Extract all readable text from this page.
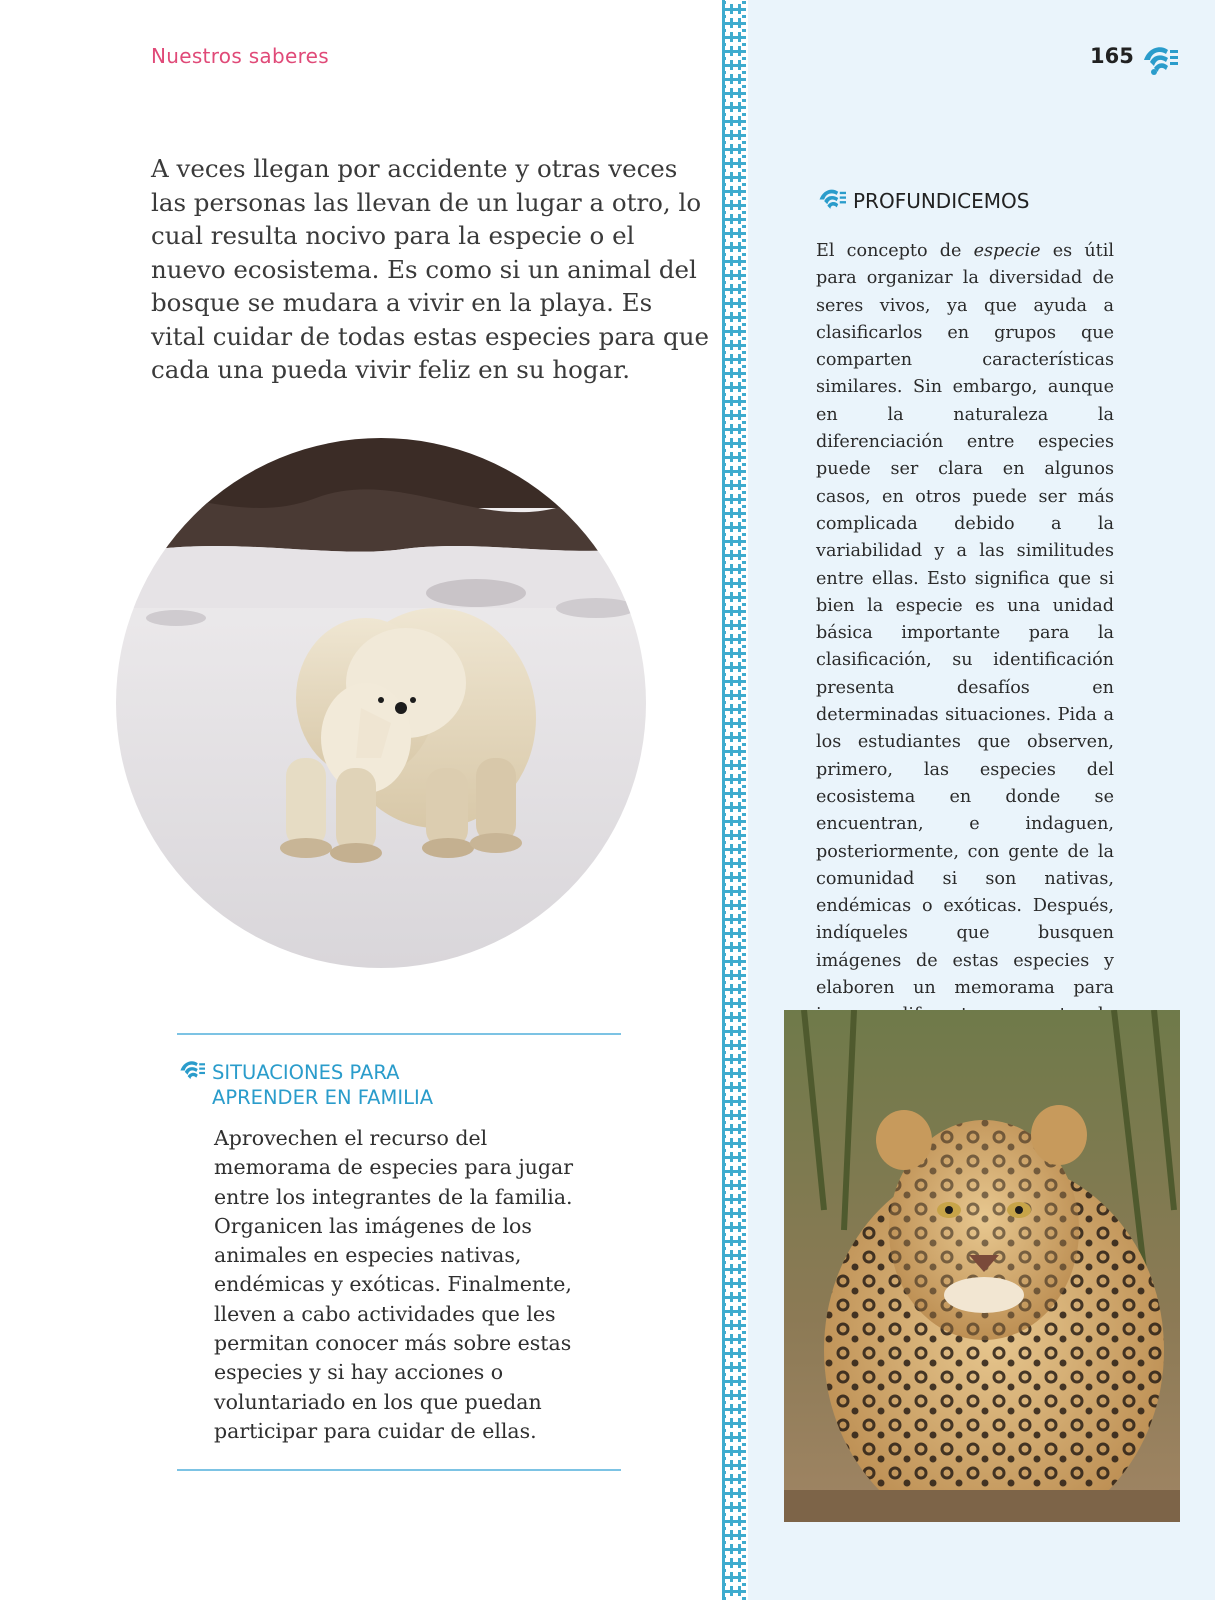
Nuestros saberes	165

A veces llegan por accidente y otras veces las personas las llevan de un lugar a otro, lo cual resulta nocivo para la especie o el nuevo ecosistema. Es como si un animal del bosque se mudara a vivir en la playa. Es vital cuidar de todas estas especies para que cada una pueda vivir feliz en su hogar.

SITUACIONES PARA
APRENDER EN FAMILIA

Aprovechen el recurso del memorama de especies para jugar entre los integrantes de la familia. Organicen las imágenes de los animales en especies nativas, endémicas y exóticas. Finalmente, lleven a cabo actividades que les permitan conocer más sobre estas especies y si hay acciones o voluntariado en los que puedan participar para cuidar de ellas.

PROFUNDICEMOS

El concepto de especie es útil para organizar la diversidad de seres vivos, ya que ayuda a clasificarlos en grupos que comparten características similares. Sin embargo, aunque en la naturaleza la diferenciación entre especies puede ser clara en algunos casos, en otros puede ser más complicada debido a la variabilidad y a las similitudes entre ellas. Esto significa que si bien la especie es una unidad básica importante para la clasificación, su identificación presenta desafíos en determinadas situaciones. Pida a los estudiantes que observen, primero, las especies del ecosistema en donde se encuentran, e indaguen, posteriormente, con gente de la comunidad si son nativas, endémicas o exóticas. Después, indíqueles que busquen imágenes de estas especies y elaboren un memorama para
